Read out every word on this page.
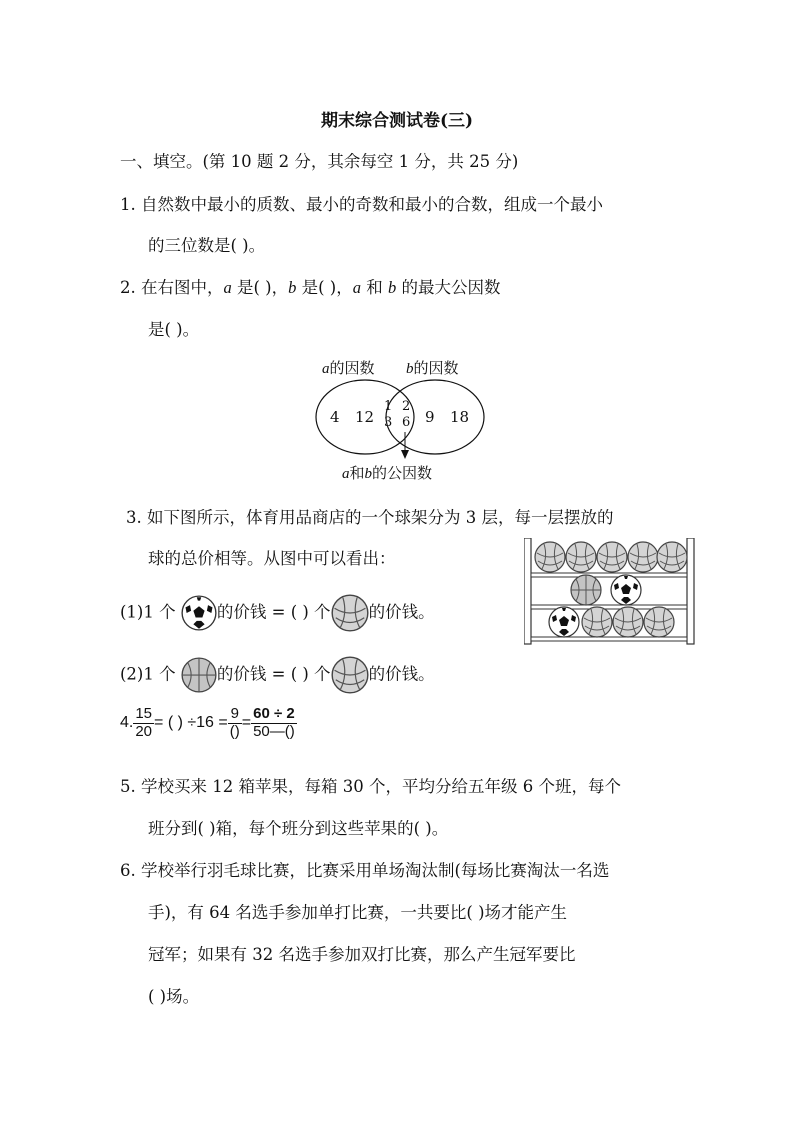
期末综合测试卷(三)
一、填空。(第 10 题 2 分，其余每空 1 分，共 25 分)
1. 自然数中最小的质数、最小的奇数和最小的合数，组成一个最小
的三位数是( )。
2. 在右图中，a 是( )，b 是( )，a 和 b 的最大公因数
是( )。
a的因数 b的因数
4 12
1 2
3 6 9 18
a和b的公因数
3. 如下图所示，体育用品商店的一个球架分为 3 层，每一层摆放的
球的总价相等。从图中可以看出：
(1)1 个	的价钱 = ( ) 个 的价钱。
(2)1 个	的价钱 = ( ) 个 的价钱。
4. $\frac{15}{20}$ = ( ) $\div 16 = \frac{9}{()} = \frac{60 \div 2}{50—()}$
5. 学校买来 12 箱苹果，每箱 30 个，平均分给五年级 6 个班，每个
班分到( )箱，每个班分到这些苹果的( )。
6. 学校举行羽毛球比赛，比赛采用单场淘汰制(每场比赛淘汰一名选
手)，有 64 名选手参加单打比赛，一共要比( )场才能产生
冠军；如果有 32 名选手参加双打比赛，那么产生冠军要比
( )场。
